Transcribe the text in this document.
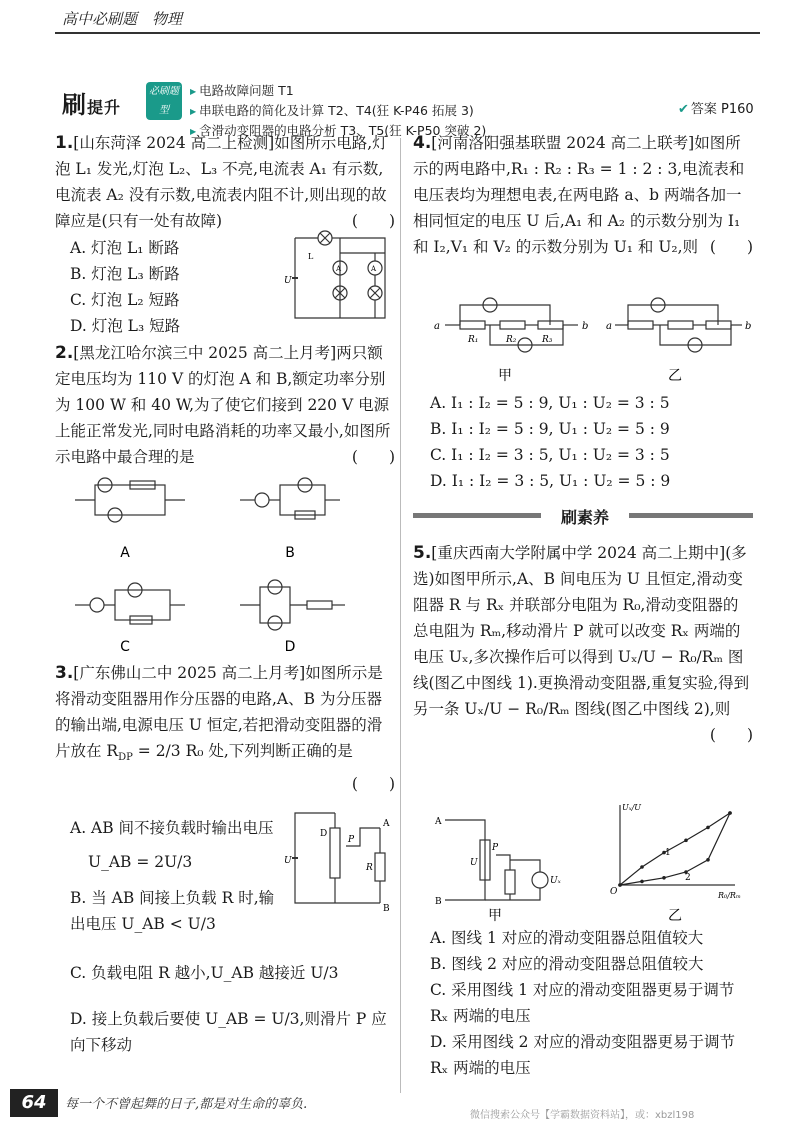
高中必刷题　物理
刷提升
必刷题型
▶ 电路故障问题 T1
▶ 串联电路的简化及计算 T2、T4(狂 K-P46 拓展 3)
▶ 含滑动变阻器的电路分析 T3、T5(狂 K-P50 突破 2)
✔ 答案 P160
1.[山东菏泽 2024 高二上检测]如图所示电路,灯泡 L₁ 发光,灯泡 L₂、L₃ 不亮,电流表 A₁ 有示数,电流表 A₂ 没有示数,电流表内阻不计,则出现的故障应是(只有一处有故障)	(　　)
A. 灯泡 L₁ 断路
B. 灯泡 L₃ 断路
C. 灯泡 L₂ 短路
D. 灯泡 L₃ 短路
L
U
A	A
2.[黑龙江哈尔滨三中 2025 高二上月考]两只额定电压均为 110 V 的灯泡 A 和 B,额定功率分别为 100 W 和 40 W,为了使它们接到 220 V 电源上能正常发光,同时电路消耗的功率又最小,如图所示电路中最合理的是	(　　)
A	B
C	D
3.[广东佛山二中 2025 高二上月考]如图所示是将滑动变阻器用作分压器的电路,A、B 为分压器的输出端,电源电压 U 恒定,若把滑动变阻器的滑片放在 $R_{DP} = 2/3$ R₀ 处,下列判断正确的是
(　　)
A. AB 间不接负载时输出电压
U_AB = 2U/3
B. 当 AB 间接上负载 R 时,输出电压 U_AB < U/3
C. 负载电阻 R 越小,U_AB 越接近 U/3
D. 接上负载后要使 U_AB = U/3,则滑片 P 应向下移动
U
D
P
A
B
R
4.[河南洛阳强基联盟 2024 高二上联考]如图所示的两电路中,R₁ : R₂ : R₃ = 1 : 2 : 3,电流表和电压表均为理想电表,在两电路 a、b 两端各加一相同恒定的电压 U 后,A₁ 和 A₂ 的示数分别为 I₁ 和 I₂,V₁ 和 V₂ 的示数分别为 U₁ 和 U₂,则 (　　)
a	b a	b
R₁	R₂	R₃
甲	乙
A. I₁ : I₂ = 5 : 9, U₁ : U₂ = 3 : 5
B. I₁ : I₂ = 5 : 9, U₁ : U₂ = 5 : 9
C. I₁ : I₂ = 3 : 5, U₁ : U₂ = 3 : 5
D. I₁ : I₂ = 3 : 5, U₁ : U₂ = 5 : 9
刷素养
5.[重庆西南大学附属中学 2024 高二上期中](多选)如图甲所示,A、B 间电压为 U 且恒定,滑动变阻器 R 与 Rₓ 并联部分电阻为 R₀,滑动变阻器的总电阻为 Rₘ,移动滑片 P 就可以改变 Rₓ 两端的电压 Uₓ,多次操作后可以得到 Uₓ/U − R₀/Rₘ 图线(图乙中图线 1).更换滑动变阻器,重复实验,得到另一条 Uₓ/U − R₀/Rₘ 图线(图乙中图线 2),则
(　　)
A
B
U
P
Uₓ
甲
O
Uₓ/U
R₀/Rₘ
1
2
乙
A. 图线 1 对应的滑动变阻器总阻值较大
B. 图线 2 对应的滑动变阻器总阻值较大
C. 采用图线 1 对应的滑动变阻器更易于调节 Rₓ 两端的电压
D. 采用图线 2 对应的滑动变阻器更易于调节 Rₓ 两端的电压
64	每一个不曾起舞的日子,都是对生命的辜负.
微信搜索公众号【学霸数据资料站】，或：xbzl198
